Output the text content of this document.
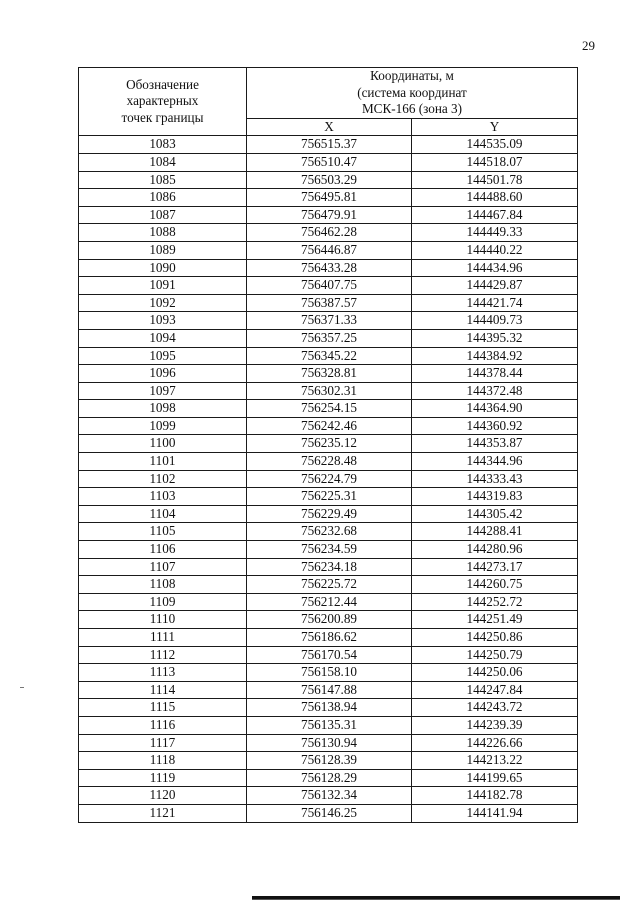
29
Обозначение
характерных
точек границы	Координаты, м
(система координат
МСК-166 (зона 3)	

	X	Y
1083	756515.37	144535.09
1084	756510.47	144518.07
1085	756503.29	144501.78
1086	756495.81	144488.60
1087	756479.91	144467.84
1088	756462.28	144449.33
1089	756446.87	144440.22
1090	756433.28	144434.96
1091	756407.75	144429.87
1092	756387.57	144421.74
1093	756371.33	144409.73
1094	756357.25	144395.32
1095	756345.22	144384.92
1096	756328.81	144378.44
1097	756302.31	144372.48
1098	756254.15	144364.90
1099	756242.46	144360.92
1100	756235.12	144353.87
1101	756228.48	144344.96
1102	756224.79	144333.43
1103	756225.31	144319.83
1104	756229.49	144305.42
1105	756232.68	144288.41
1106	756234.59	144280.96
1107	756234.18	144273.17
1108	756225.72	144260.75
1109	756212.44	144252.72
1110	756200.89	144251.49
1111	756186.62	144250.86
1112	756170.54	144250.79
1113	756158.10	144250.06
1114	756147.88	144247.84
1115	756138.94	144243.72
1116	756135.31	144239.39
1117	756130.94	144226.66
1118	756128.39	144213.22
1119	756128.29	144199.65
1120	756132.34	144182.78
1121	756146.25	144141.94
